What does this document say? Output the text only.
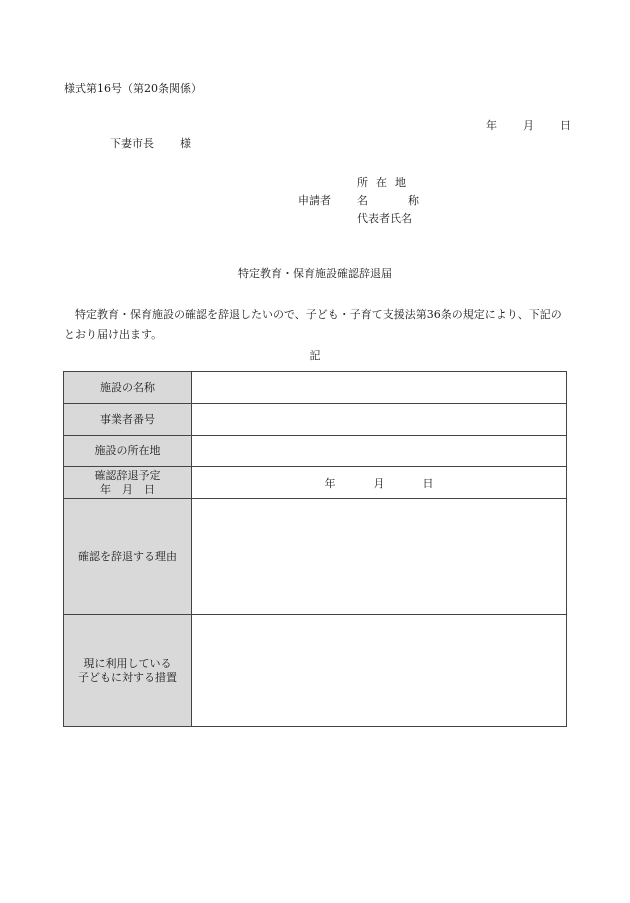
様式第16号（第20条関係）
年 月 日
下妻市長 様
申請者
所在地
名	称
代表者氏名
特定教育・保育施設確認辞退届
特定教育・保育施設の確認を辞退したいので、子ども・子育て支援法第36条の規定により、下記のとおり届け出ます。
記
施設の名称	
事業者番号	
施設の所在地	

確認辞退予定
年　月　日	年 月 日
確認を辞退する理由	

現に利用している
子どもに対する措置	
